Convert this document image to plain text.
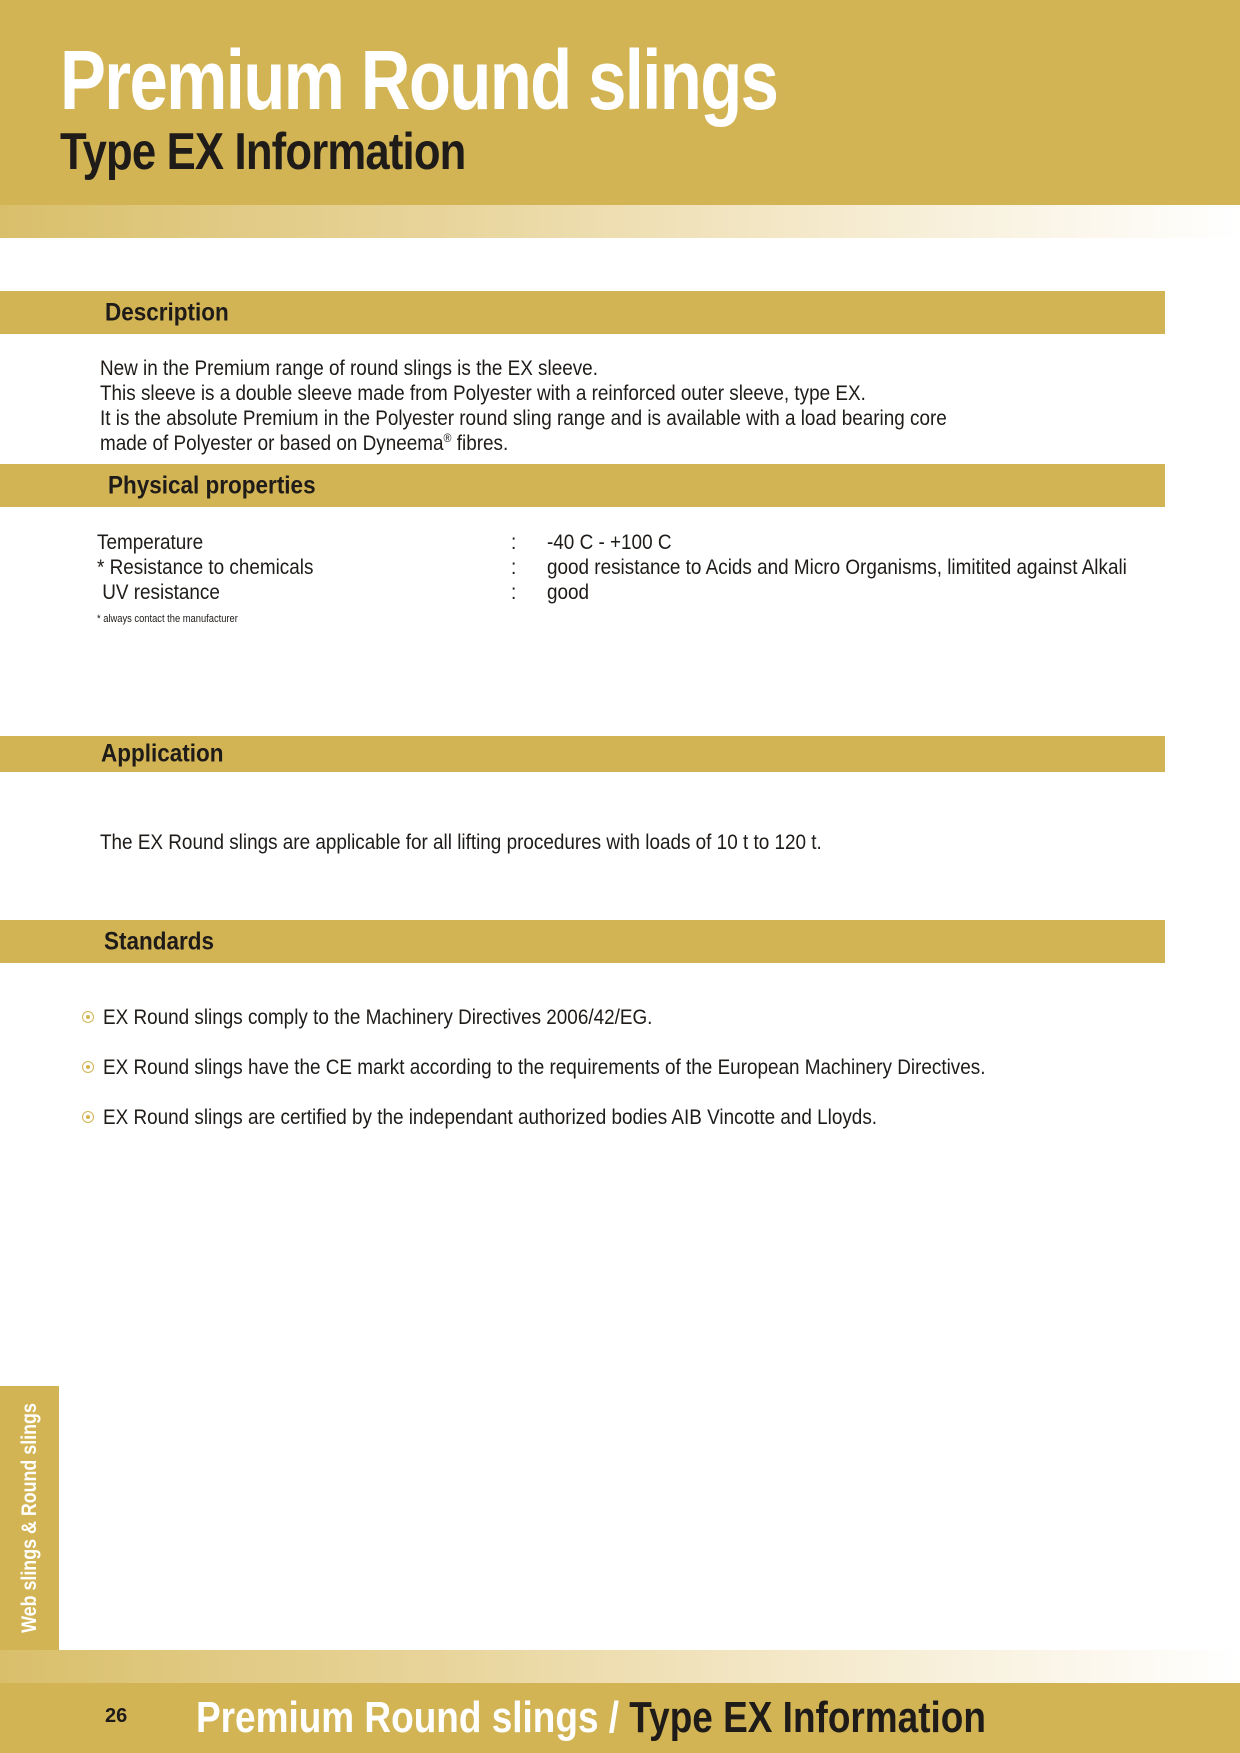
Premium Round slings
Type EX Information
Description

New in the Premium range of round slings is the EX sleeve.

This sleeve is a double sleeve made from Polyester with a reinforced outer sleeve, type EX.

It is the absolute Premium in the Polyester round sling range and is available with a load bearing core

made of Polyester or based on Dyneema® fibres.

Physical properties
Temperature	: -40 C - +100 C
* Resistance to chemicals	: good resistance to Acids and Micro Organisms, limitited against Alkali
UV resistance	: good
* always contact the manufacturer
Application
The EX Round slings are applicable for all lifting procedures with loads of 10 t to 120 t.
Standards
EX Round slings comply to the Machinery Directives 2006/42/EG.
EX Round slings have the CE markt according to the requirements of the European Machinery Directives.
EX Round slings are certified by the independant authorized bodies AIB Vincotte and Lloyds.
Web slings & Round slings
26 Premium Round slings / Type EX Information
